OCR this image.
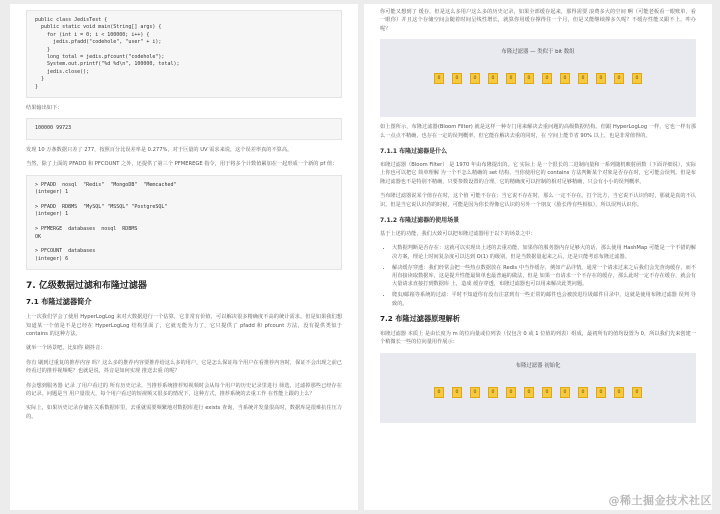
public class JedisTest {
public static void main(String[] args) {
for (int i = 0; i < 100000; i++) {
jedis.pfadd("codehole", "user" + i);
}
long total = jedis.pfcount("codehole");
System.out.printf("%d %d\n", 100000, total);
jedis.close();
}
}
结果输出如下：
100000 99723
发现 10 万条数据只差了 277，按照百分比误差率是 0.277%，对于巨量的 UV 需求来说，这个误差率真的不算高。
当然，除了上面的 PFADD 和 PFCOUNT 之外，还提供了第三个 PFMEREGE 指令，用于将多个计数值累加在一起形成一个新的 pf 值：
> PFADD  nosql  "Redis"  "MongoDB"  "Memcached"
(integer) 1

> PFADD  RDBMS  "MySQL" "MSSQL" "PostgreSQL"
(integer) 1

> PFMERGE  databases  nosql  RDBMS
OK

> PFCOUNT  databases
(integer) 6
7. 亿级数据过滤和布隆过滤器
7.1 布隆过滤器简介
上一次我们学会了使用 HyperLogLog 来对大数据进行一个估算，它非常有价值，可以解决很多精确度不高的统计需求。但是如果我们想知道某一个值是不是已经在 HyperLogLog 结构里面了，它就无能为力了，它只提供了 pfadd 和 pfcount 方法，没有提供类似于 contains 的这种方法。
就举一个场景吧，比如你 刷抖音：
你有 刷到过重复的推荐内容 吗？这么多的推荐内容要推荐给这么多的用户，它是怎么保证每个用户在看推荐内容时，保证不会出现之前已经看过的推荐视频呢？也就是说，抖音是如何实现 推送去重 的呢？
你会想到服务器 记录 了用户看过的 所有历史记录，当推荐系统推荐短视频时会从每个用户的历史记录里进行 筛选，过滤掉那些已经存在的记录。问题是当 用户量很大，每个用户看过的短视频又很多的情况下，这种方式，推荐系统的去重工作 在性能上跟的上么？
实际上，如果历史记录存储在关系数据库里，去重就需要频繁地对数据库进行 exists 查询，当系统并发量很高时，数据库是很难抗住压力的。
你可能又想到了 缓存，但是这么多用户这么多的历史记录，如果全部缓存起来，那得需要 浪费多大的空间 啊（可能老板看一眼账单，看一眼你）并且这个存储空间会随着时间呈线性增长，就算你用缓存撑得住一个月，但是又能继续撑多久呢？不缓存性能又跟不上，咋办呢？
布隆过滤器 — 类似于 bit 数组
0	0	0	0	0	0	0	0	0	0	0	0
如上图所示，布隆过滤器(Bloom Filter) 就是这样一种专门用来解决去重问题的高级数据结构。但跟 HyperLogLog 一样，它也一样有那么一点点不精确，也存在一定的误判概率，但它能在解决去重的同时，在 空间上能节省 90% 以上，也是非常值得的。
7.1.1 布隆过滤器是什么
布隆过滤器（Bloom Filter） 是 1970 年由布隆提出的。它 实际上 是一个很长的二进制向量和一系列随机映射函数（下面详细说），实际上你也可以把它 简单理解 为一个不怎么精确的 set 结构，当你使用它的 contains 方法判断某个对象是否存在时，它可能会误判。但是布隆过滤器也不是特别不精确，只要参数设置的合理，它的精确度可以控制的相对足够精确，只会有小小的误判概率。
当布隆过滤器说某个值存在时，这个值 可能不存在；当它说不存在时，那么 一定不存在。打个比方，当它说不认识你时，那就是真的不认识，但是当它说认识你的时候，可能是因为你长得像它认识的另外一个朋友（脸长得有些相似），所以误判认识你。
7.1.2 布隆过滤器的使用场景
基于上述的功能，我们大致可以把布隆过滤器用于以下的场景之中：
• 大数据判断是否存在：这就可以实现出上述的去重功能，如果你的服务器内存足够大的话，那么使用 HashMap 可能是一个不错的解决方案，理论上时间复杂度可以达到 O(1) 的级别，但是当数据量起来之后，还是只能考虑布隆过滤器。
• 解决缓存穿透：我们经常会把一些热点数据放在 Redis 中当作缓存，例如产品详情。通常一个请求过来之后我们会先查询缓存，而不用直接读取数据库，这是提升性能最简单也最普遍的做法，但是 如果一直请求一个不存在的缓存，那么此时一定不存在缓存，就会有 大量请求直接打到数据库 上，造成 缓存穿透，布隆过滤器也可以用来解决此类问题。
• 爬虫/邮箱等系统的过滤：平时不知道你有没有注意到有一些正常的邮件也会被放进垃圾邮件目录中，这就是使用布隆过滤器 误判 导致的。
7.2 布隆过滤器原理解析
布隆过滤器 本质上 是由长度为 m 的位向量或位列表（仅包含 0 或 1 位值的列表）组成，最初所有的值均设置为 0，所以我们先来创建一个稍微长一些的位向量用作展示：
布隆过滤器 初始化
0	0	0	0	0	0	0	0	0	0	0	0
@稀土掘金技术社区
